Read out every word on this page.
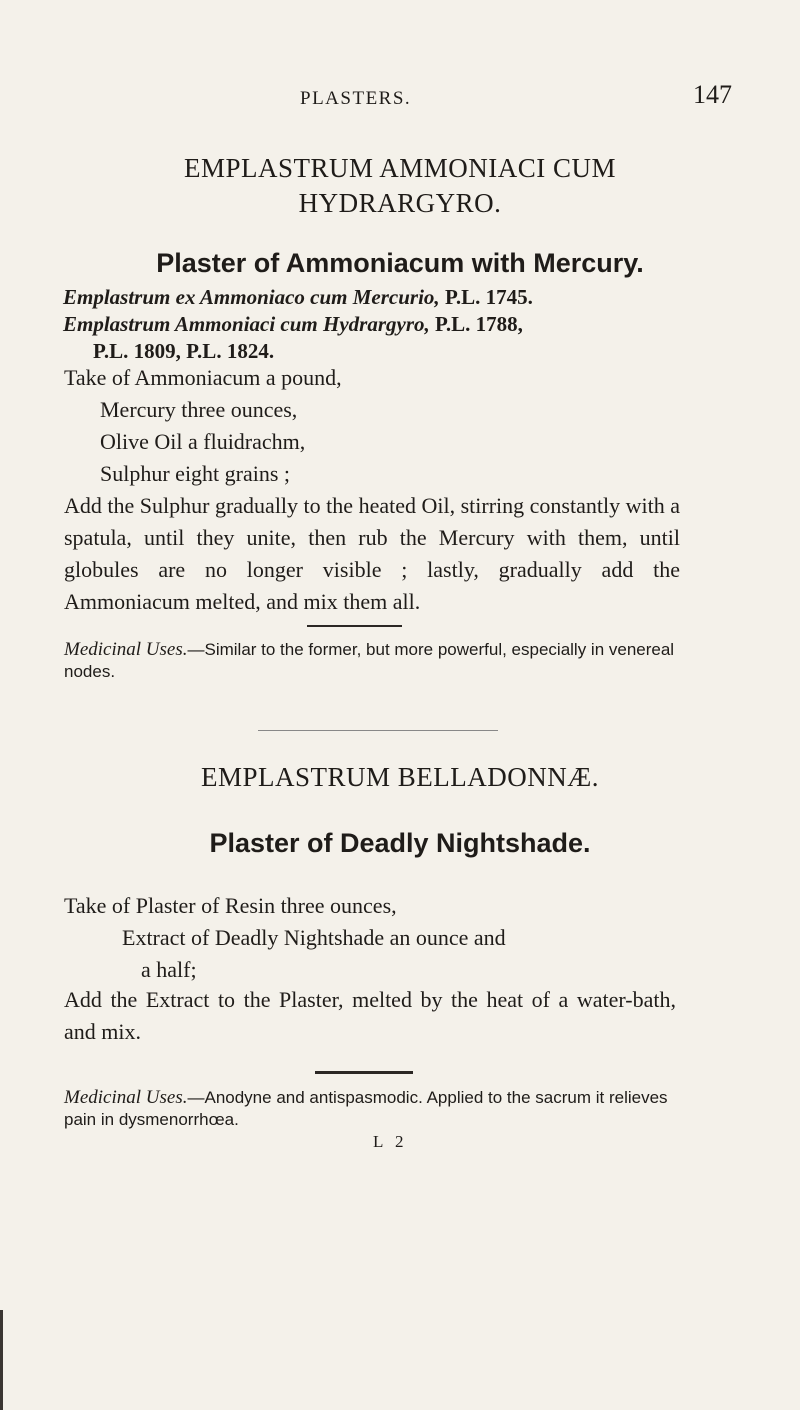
PLASTERS.	147
EMPLASTRUM AMMONIACI CUM
HYDRARGYRO.
Plaster of Ammoniacum with Mercury.
Emplastrum ex Ammoniaco cum Mercurio, P.L. 1745.
Emplastrum Ammoniaci cum Hydrargyro, P.L. 1788,
P.L. 1809, P.L. 1824.
Take of Ammoniacum a pound,
Mercury three ounces,
Olive Oil a fluidrachm,
Sulphur eight grains ;

Add the Sulphur gradually to the heated Oil, stirring constantly with a spatula, until they unite, then rub the Mercury with them, until globules are no longer visible ; lastly, gradually add the Ammoniacum melted, and mix them all.

Medicinal Uses.—Similar to the former, but more powerful, especially in venereal nodes.

EMPLASTRUM BELLADONNÆ.
Plaster of Deadly Nightshade.
Take of Plaster of Resin three ounces,
Extract of Deadly Nightshade an ounce and
a half;

Add the Extract to the Plaster, melted by the heat of a water-bath, and mix.

Medicinal Uses.—Anodyne and antispasmodic. Applied to the sacrum it relieves pain in dysmenorrhœa.

L 2
